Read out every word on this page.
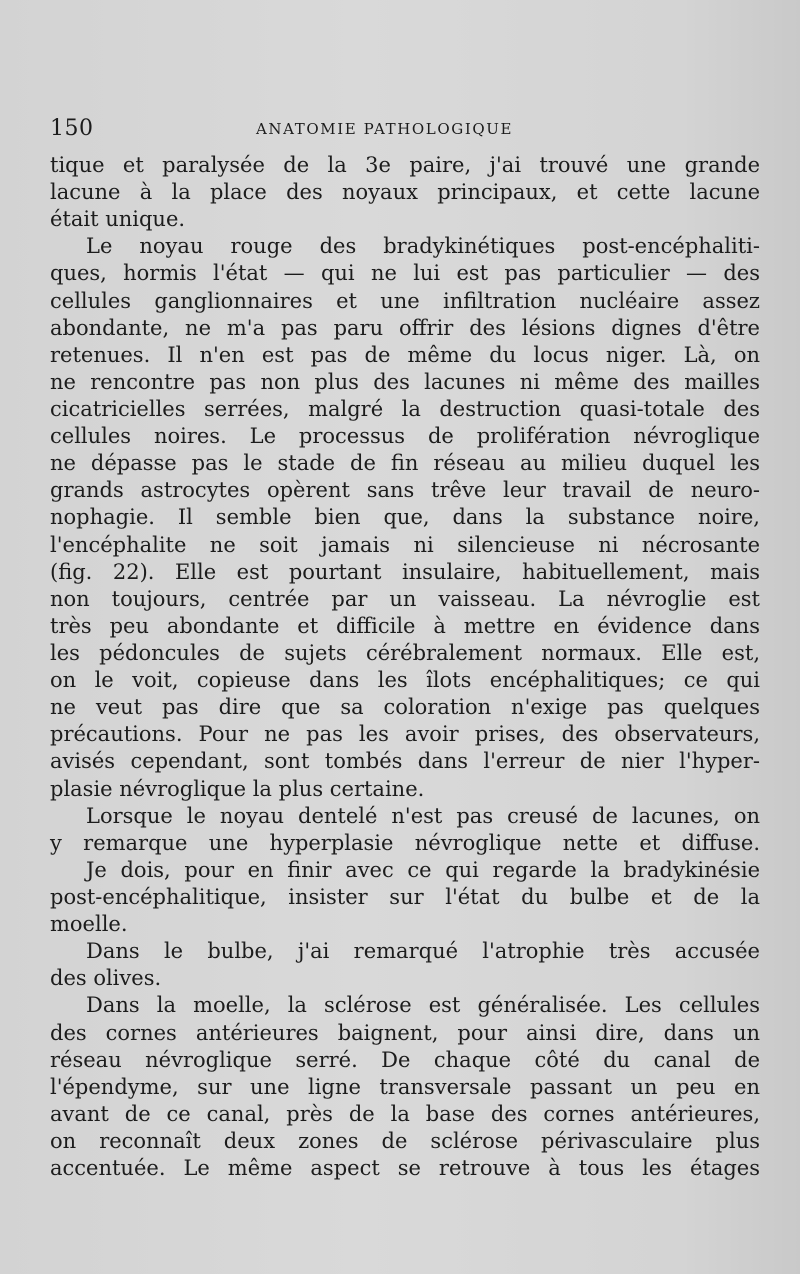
150	ANATOMIE PATHOLOGIQUE
tique et paralysée de la 3e paire, j'ai trouvé une grande
lacune à la place des noyaux principaux, et cette lacune
était unique.
Le noyau rouge des bradykinétiques post-encéphaliti-
ques, hormis l'état — qui ne lui est pas particulier — des
cellules ganglionnaires et une infiltration nucléaire assez
abondante, ne m'a pas paru offrir des lésions dignes d'être
retenues. Il n'en est pas de même du locus niger. Là, on
ne rencontre pas non plus des lacunes ni même des mailles
cicatricielles serrées, malgré la destruction quasi-totale des
cellules noires. Le processus de prolifération névroglique
ne dépasse pas le stade de fin réseau au milieu duquel les
grands astrocytes opèrent sans trêve leur travail de neuro-
nophagie. Il semble bien que, dans la substance noire,
l'encéphalite ne soit jamais ni silencieuse ni nécrosante
(fig. 22). Elle est pourtant insulaire, habituellement, mais
non toujours, centrée par un vaisseau. La névroglie est
très peu abondante et difficile à mettre en évidence dans
les pédoncules de sujets cérébralement normaux. Elle est,
on le voit, copieuse dans les îlots encéphalitiques; ce qui
ne veut pas dire que sa coloration n'exige pas quelques
précautions. Pour ne pas les avoir prises, des observateurs,
avisés cependant, sont tombés dans l'erreur de nier l'hyper-
plasie névroglique la plus certaine.
Lorsque le noyau dentelé n'est pas creusé de lacunes, on
y remarque une hyperplasie névroglique nette et diffuse.
Je dois, pour en finir avec ce qui regarde la bradykinésie
post-encéphalitique, insister sur l'état du bulbe et de la
moelle.
Dans le bulbe, j'ai remarqué l'atrophie très accusée
des olives.
Dans la moelle, la sclérose est généralisée. Les cellules
des cornes antérieures baignent, pour ainsi dire, dans un
réseau névroglique serré. De chaque côté du canal de
l'épendyme, sur une ligne transversale passant un peu en
avant de ce canal, près de la base des cornes antérieures,
on reconnaît deux zones de sclérose périvasculaire plus
accentuée. Le même aspect se retrouve à tous les étages
